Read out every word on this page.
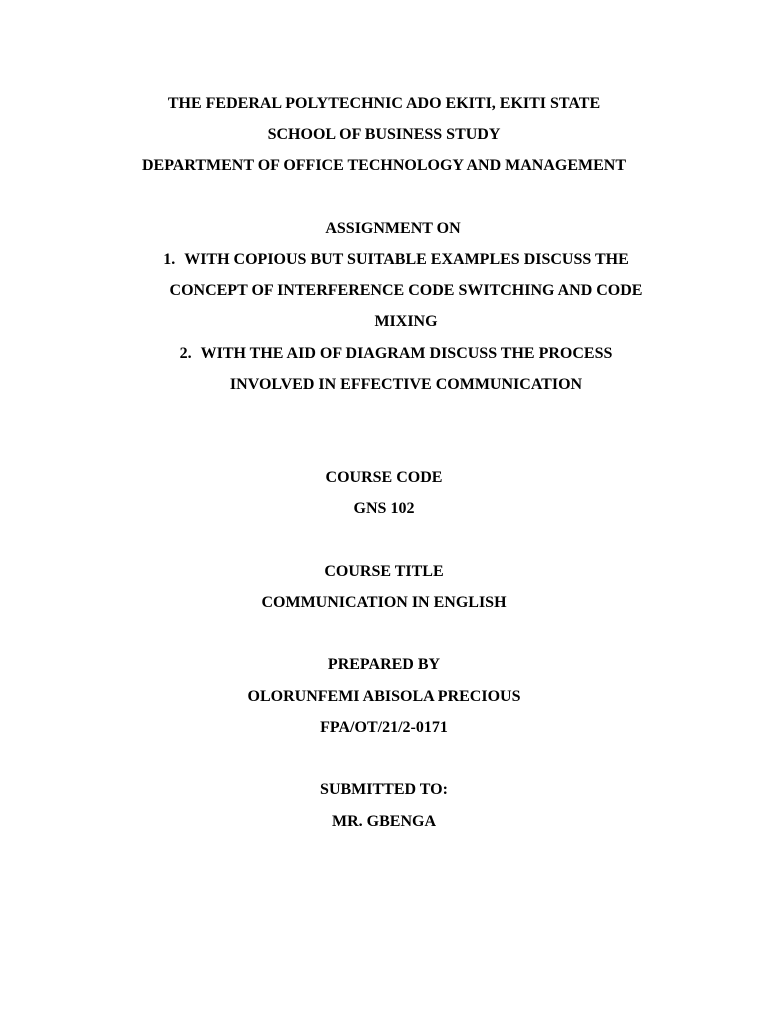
THE FEDERAL POLYTECHNIC ADO EKITI, EKITI STATE
SCHOOL OF BUSINESS STUDY
DEPARTMENT OF OFFICE TECHNOLOGY AND MANAGEMENT
ASSIGNMENT ON
1. WITH COPIOUS BUT SUITABLE EXAMPLES DISCUSS THE
CONCEPT OF INTERFERENCE CODE SWITCHING AND CODE
MIXING
2. WITH THE AID OF DIAGRAM DISCUSS THE PROCESS
INVOLVED IN EFFECTIVE COMMUNICATION
COURSE CODE
GNS 102
COURSE TITLE
COMMUNICATION IN ENGLISH
PREPARED BY
OLORUNFEMI ABISOLA PRECIOUS
FPA/OT/21/2-0171
SUBMITTED TO:
MR. GBENGA
